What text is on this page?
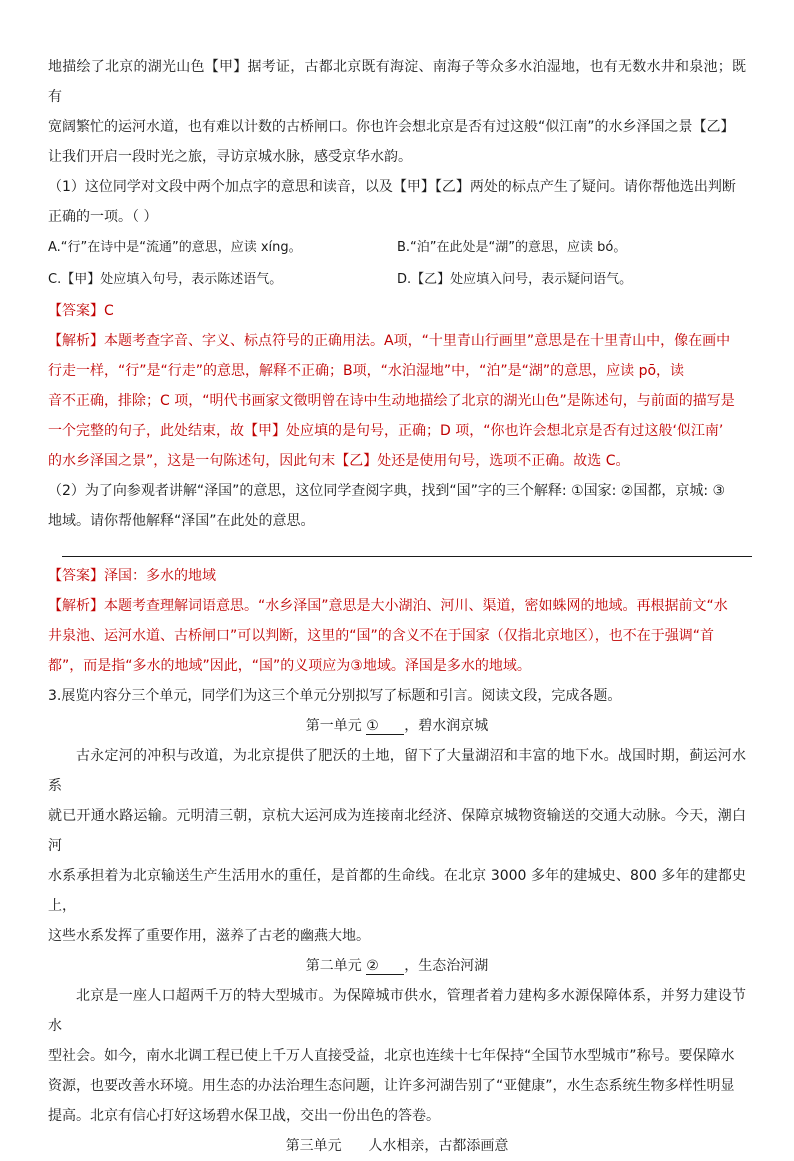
地描绘了北京的湖光山色【甲】据考证，古都北京既有海淀、南海子等众多水泊湿地，也有无数水井和泉池；既有

宽阔繁忙的运河水道，也有难以计数的古桥闸口。你也许会想北京是否有过这般“似江南”的水乡泽国之景【乙】

让我们开启一段时光之旅，寻访京城水脉，感受京华水韵。

（1）这位同学对文段中两个加点字的意思和读音，以及【甲】【乙】两处的标点产生了疑问。请你帮他选出判断

正确的一项。（ ）

A.“行”在诗中是“流通”的意思，应读 xíng。	B.“泊”在此处是“湖”的意思，应读 bó。
C.【甲】处应填入句号，表示陈述语气。	D.【乙】处应填入问号，表示疑问语气。

【答案】C

【解析】本题考查字音、字义、标点符号的正确用法。A项，“十里青山行画里”意思是在十里青山中，像在画中

行走一样，“行”是“行走”的意思，解释不正确；B项，“水泊湿地”中，“泊”是“湖”的意思，应读 pō，读

音不正确，排除；C 项，“明代书画家文徵明曾在诗中生动地描绘了北京的湖光山色”是陈述句，与前面的描写是

一个完整的句子，此处结束，故【甲】处应填的是句号，正确；D 项，“你也许会想北京是否有过这般‘似江南’

的水乡泽国之景”，这是一句陈述句，因此句末【乙】处还是使用句号，选项不正确。故选 C。

（2）为了向参观者讲解“泽国”的意思，这位同学查阅字典，找到“国”字的三个解释: ①国家: ②国都，京城: ③

地域。请你帮他解释“泽国”在此处的意思。

【答案】泽国：多水的地域

【解析】本题考查理解词语意思。“水乡泽国”意思是大小湖泊、河川、渠道，密如蛛网的地域。再根据前文“水

井泉池、运河水道、古桥闸口”可以判断，这里的“国”的含义不在于国家（仅指北京地区），也不在于强调“首

都”，而是指“多水的地域”因此，“国”的义项应为③地域。泽国是多水的地域。

3.展览内容分三个单元，同学们为这三个单元分别拟写了标题和引言。阅读文段，完成各题。

第一单元 ① ，碧水润京城

古永定河的冲积与改道，为北京提供了肥沃的土地，留下了大量湖沼和丰富的地下水。战国时期，蓟运河水系

就已开通水路运输。元明清三朝，京杭大运河成为连接南北经济、保障京城物资输送的交通大动脉。今天，潮白河

水系承担着为北京输送生产生活用水的重任，是首都的生命线。在北京 3000 多年的建城史、800 多年的建都史上，

这些水系发挥了重要作用，滋养了古老的幽燕大地。

第二单元 ② ，生态治河湖

北京是一座人口超两千万的特大型城市。为保障城市供水，管理者着力建构多水源保障体系，并努力建设节水

型社会。如今，南水北调工程已使上千万人直接受益，北京也连续十七年保持“全国节水型城市”称号。要保障水

资源，也要改善水环境。用生态的办法治理生态问题，让许多河湖告别了“亚健康”，水生态系统生物多样性明显

提高。北京有信心打好这场碧水保卫战，交出一份出色的答卷。

第三单元      人水相亲，古都添画意
